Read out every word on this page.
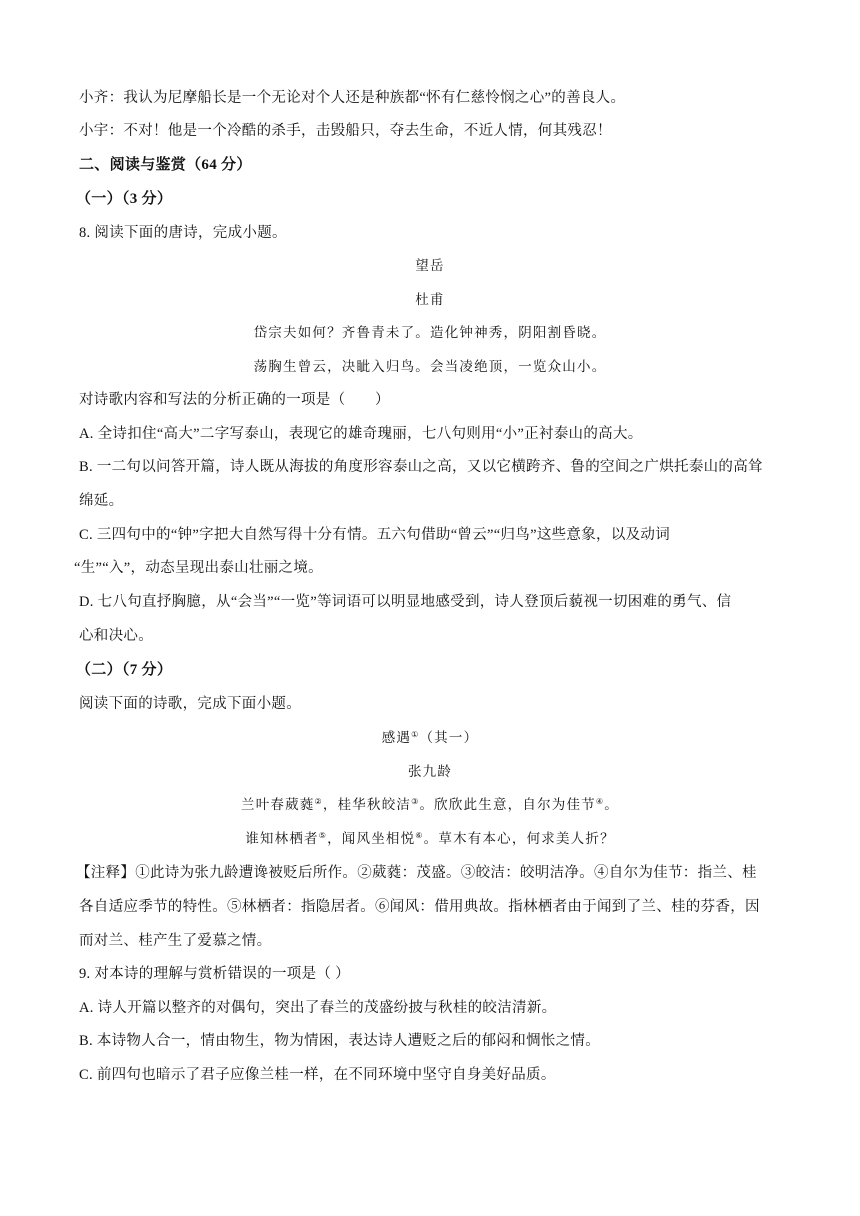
小齐：我认为尼摩船长是一个无论对个人还是种族都“怀有仁慈怜悯之心”的善良人。
小宇：不对！他是一个冷酷的杀手，击毁船只，夺去生命，不近人情，何其残忍！
二、阅读与鉴赏（64 分）
（一）（3 分）
8. 阅读下面的唐诗，完成小题。
望岳
杜甫
岱宗夫如何？齐鲁青未了。造化钟神秀，阴阳割昏晓。
荡胸生曾云，决眦入归鸟。会当凌绝顶，一览众山小。
对诗歌内容和写法的分析正确的一项是（　　）
A. 全诗扣住“高大”二字写泰山，表现它的雄奇瑰丽，七八句则用“小”正衬泰山的高大。
B. 一二句以问答开篇，诗人既从海拔的角度形容泰山之高，又以它横跨齐、鲁的空间之广烘托泰山的高耸
绵延。
C. 三四句中的“钟”字把大自然写得十分有情。五六句借助“曾云”“归鸟”这些意象，以及动词
“生”“入”，动态呈现出泰山壮丽之境。
D. 七八句直抒胸臆，从“会当”“一览”等词语可以明显地感受到，诗人登顶后藐视一切困难的勇气、信
心和决心。
（二）（7 分）
阅读下面的诗歌，完成下面小题。
感遇①（其一）
张九龄
兰叶春葳蕤②，桂华秋皎洁③。欣欣此生意，自尔为佳节④。
谁知林栖者⑤，闻风坐相悦⑥。草木有本心，何求美人折？
【注释】①此诗为张九龄遭谗被贬后所作。②葳蕤：茂盛。③皎洁：皎明洁净。④自尔为佳节：指兰、桂
各自适应季节的特性。⑤林栖者：指隐居者。⑥闻风：借用典故。指林栖者由于闻到了兰、桂的芬香，因
而对兰、桂产生了爱慕之情。
9. 对本诗的理解与赏析错误的一项是（ ）
A. 诗人开篇以整齐的对偶句，突出了春兰的茂盛纷披与秋桂的皎洁清新。
B. 本诗物人合一，情由物生，物为情困，表达诗人遭贬之后的郁闷和惆怅之情。
C. 前四句也暗示了君子应像兰桂一样，在不同环境中坚守自身美好品质。
